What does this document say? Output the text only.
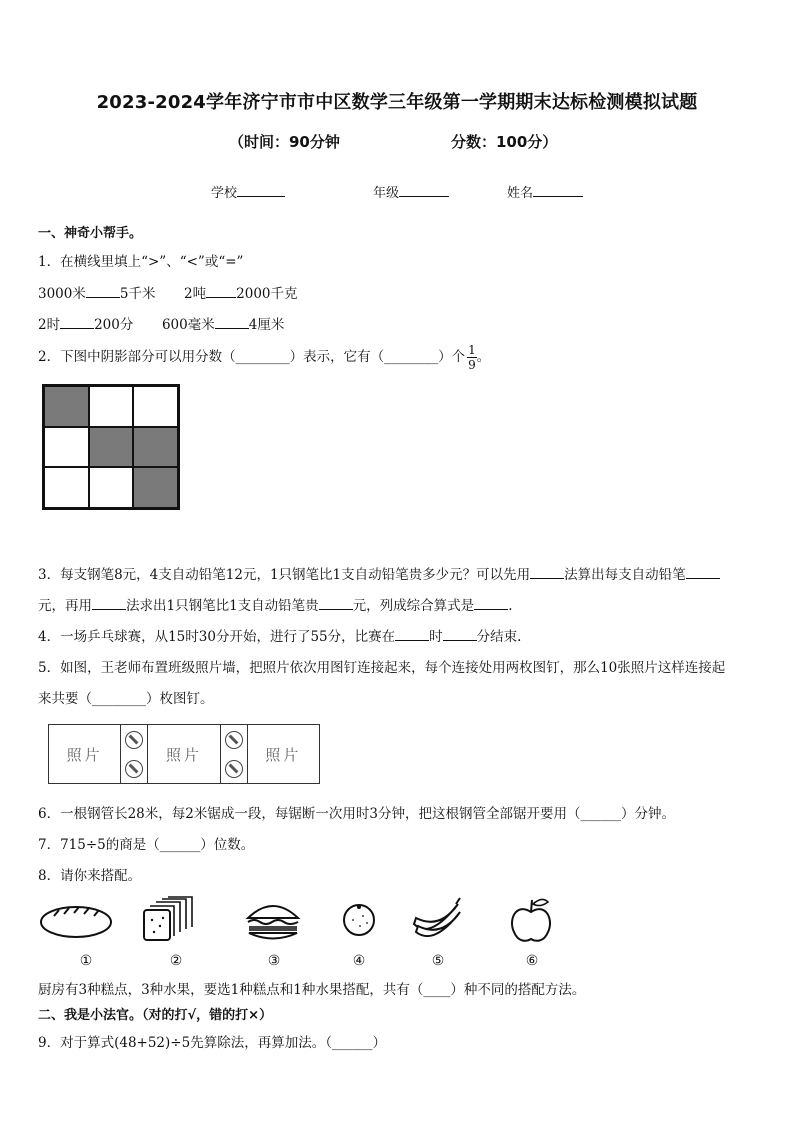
2023-2024学年济宁市市中区数学三年级第一学期期末达标检测模拟试题
（时间：90分钟	分数：100分）
学校	年级	姓名
一、神奇小帮手。
1．在横线里填上“>”、“<”或“=”
3000米	5千米 2吨 2000千克
2时	200分 600毫米	4厘米
2．下图中阴影部分可以用分数（________）表示，它有（________）个 $\frac{1}{9}$ 。
3．每支钢笔8元，4支自动铅笔12元，1只钢笔比1支自动铅笔贵多少元？可以先用	法算出每支自动铅笔
元，再用	法求出1只钢笔比1支自动铅笔贵	元，列成综合算式是	.
4．一场乒乓球赛，从15时30分开始，进行了55分，比赛在	时	分结束.
5．如图，王老师布置班级照片墙，把照片依次用图钉连接起来，每个连接处用两枚图钉，那么10张照片这样连接起
来共要（________）枚图钉。
照片	照片	照片
6．一根钢管长28米，每2米锯成一段，每锯断一次用时3分钟，把这根钢管全部锯开要用（______）分钟。
7．715÷5的商是（______）位数。
8．请你来搭配。
①	②	③	④	⑤	⑥
厨房有3种糕点，3种水果，要选1种糕点和1种水果搭配，共有（____）种不同的搭配方法。
二、我是小法官。（对的打√，错的打×）
9．对于算式(48+52)÷5先算除法，再算加法。（______）
